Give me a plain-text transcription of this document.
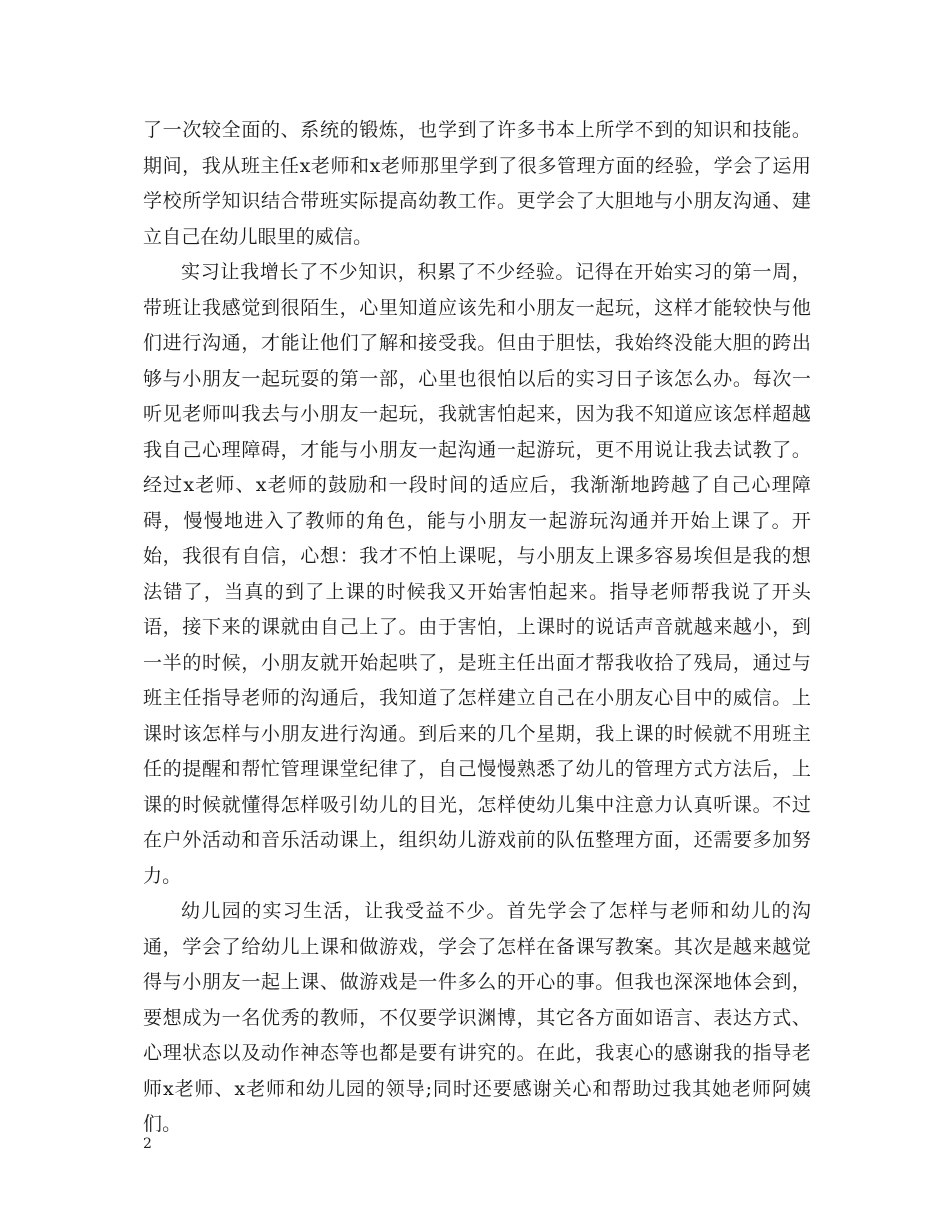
了一次较全面的、系统的锻炼，也学到了许多书本上所学不到的知识和技能。期间，我从班主任x老师和x老师那里学到了很多管理方面的经验，学会了运用学校所学知识结合带班实际提高幼教工作。更学会了大胆地与小朋友沟通、建立自己在幼儿眼里的威信。

实习让我增长了不少知识，积累了不少经验。记得在开始实习的第一周，带班让我感觉到很陌生，心里知道应该先和小朋友一起玩，这样才能较快与他们进行沟通，才能让他们了解和接受我。但由于胆怯，我始终没能大胆的跨出够与小朋友一起玩耍的第一部，心里也很怕以后的实习日子该怎么办。每次一听见老师叫我去与小朋友一起玩，我就害怕起来，因为我不知道应该怎样超越我自己心理障碍，才能与小朋友一起沟通一起游玩，更不用说让我去试教了。经过x老师、x老师的鼓励和一段时间的适应后，我渐渐地跨越了自己心理障碍，慢慢地进入了教师的角色，能与小朋友一起游玩沟通并开始上课了。开始，我很有自信，心想：我才不怕上课呢，与小朋友上课多容易埃但是我的想法错了，当真的到了上课的时候我又开始害怕起来。指导老师帮我说了开头语，接下来的课就由自己上了。由于害怕，上课时的说话声音就越来越小，到一半的时候，小朋友就开始起哄了，是班主任出面才帮我收拾了残局，通过与班主任指导老师的沟通后，我知道了怎样建立自己在小朋友心目中的威信。上课时该怎样与小朋友进行沟通。到后来的几个星期，我上课的时候就不用班主任的提醒和帮忙管理课堂纪律了，自己慢慢熟悉了幼儿的管理方式方法后，上课的时候就懂得怎样吸引幼儿的目光，怎样使幼儿集中注意力认真听课。不过在户外活动和音乐活动课上，组织幼儿游戏前的队伍整理方面，还需要多加努力。

幼儿园的实习生活，让我受益不少。首先学会了怎样与老师和幼儿的沟通，学会了给幼儿上课和做游戏，学会了怎样在备课写教案。其次是越来越觉得与小朋友一起上课、做游戏是一件多么的开心的事。但我也深深地体会到，要想成为一名优秀的教师，不仅要学识渊博，其它各方面如语言、表达方式、心理状态以及动作神态等也都是要有讲究的。在此，我衷心的感谢我的指导老师x老师、x老师和幼儿园的领导;同时还要感谢关心和帮助过我其她老师阿姨们。

2
